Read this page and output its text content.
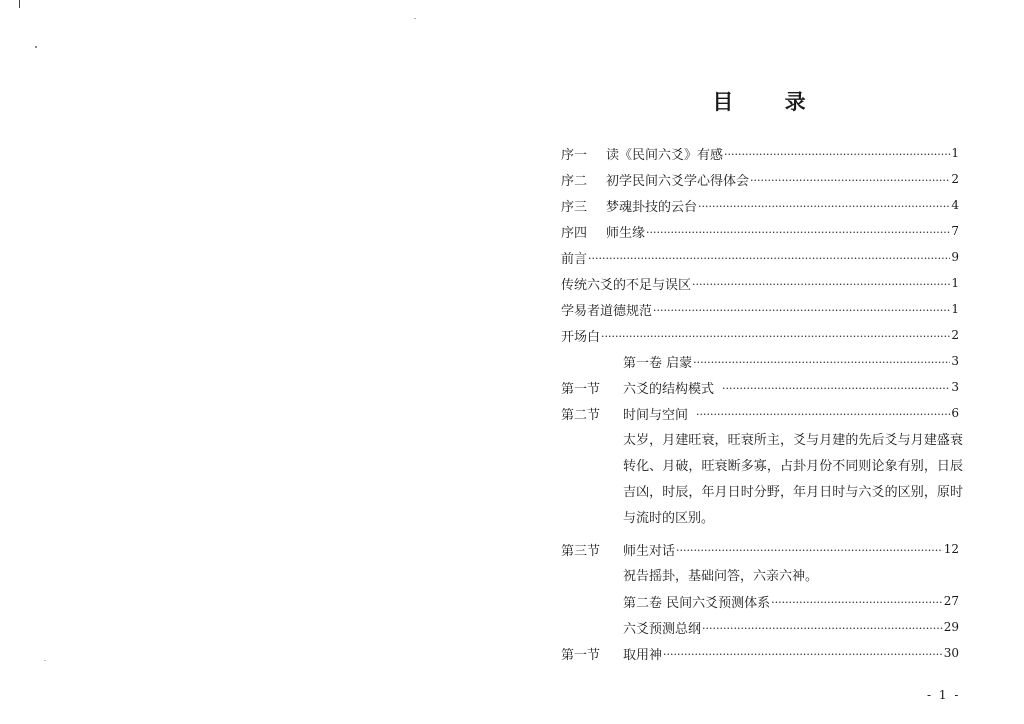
目 录
序一	读《民间六爻》有感 ·····	1
序二	初学民间六爻学心得体会 ·····	2
序三	梦魂卦技的云台 ·····	4
序四	师生缘 ·····	7
前言 ·····	9
传统六爻的不足与误区 ·····	1
学易者道德规范 ·····	1
开场白 ·····	2
第一卷 启蒙 ·····	3
第一节	六爻的结构模式 ·····	3
第二节	时间与空间 ·····	6
太岁，月建旺衰，旺衰所主，爻与月建的先后爻与月建盛衰转化、月破，旺衰断多寡，占卦月份不同则论象有别，日辰吉凶，时辰，年月日时分野，年月日时与六爻的区别，原时与流时的区别。
第三节	师生对话 ·····	12
祝告摇卦，基础问答，六亲六神。
第二卷 民间六爻预测体系 ·····	27
六爻预测总纲 ·····	29
第一节	取用神 ·····	30
- 1 -
